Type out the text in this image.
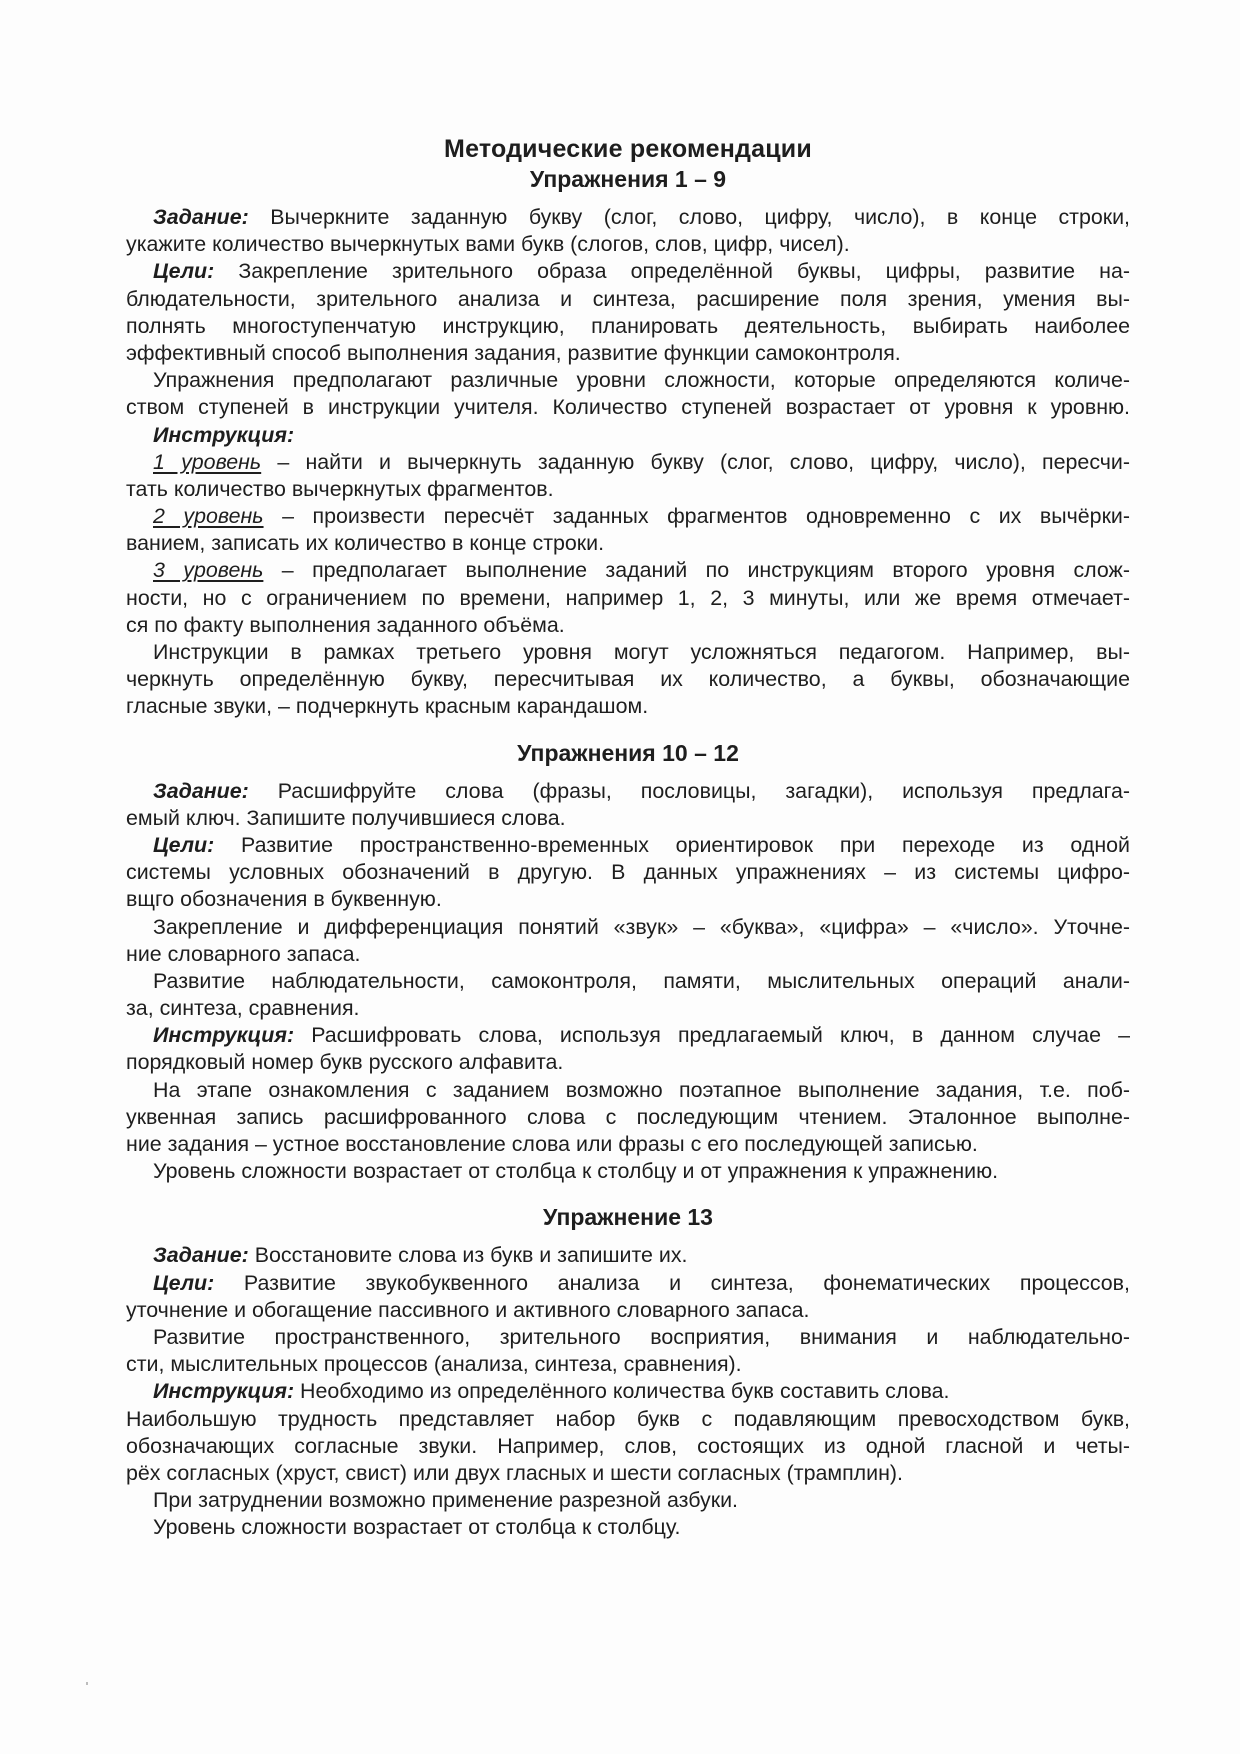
Методические рекомендации
Упражнения 1 – 9
Задание: Вычеркните заданную букву (слог, слово, цифру, число), в конце строки,
укажите количество вычеркнутых вами букв (слогов, слов, цифр, чисел).
Цели: Закрепление зрительного образа определённой буквы, цифры, развитие на-
блюдательности, зрительного анализа и синтеза, расширение поля зрения, умения вы-
полнять многоступенчатую инструкцию, планировать деятельность, выбирать наиболее
эффективный способ выполнения задания, развитие функции самоконтроля.
Упражнения предполагают различные уровни сложности, которые определяются количе-
ством ступеней в инструкции учителя. Количество ступеней возрастает от уровня к уровню.
Инструкция:
1 уровень – найти и вычеркнуть заданную букву (слог, слово, цифру, число), пересчи-
тать количество вычеркнутых фрагментов.
2 уровень – произвести пересчёт заданных фрагментов одновременно с их вычёрки-
ванием, записать их количество в конце строки.
3 уровень – предполагает выполнение заданий по инструкциям второго уровня слож-
ности, но с ограничением по времени, например 1, 2, 3 минуты, или же время отмечает-
ся по факту выполнения заданного объёма.
Инструкции в рамках третьего уровня могут усложняться педагогом. Например, вы-
черкнуть определённую букву, пересчитывая их количество, а буквы, обозначающие
гласные звуки, – подчеркнуть красным карандашом.
Упражнения 10 – 12
Задание: Расшифруйте слова (фразы, пословицы, загадки), используя предлага-
емый ключ. Запишите получившиеся слова.
Цели: Развитие пространственно-временных ориентировок при переходе из одной
системы условных обозначений в другую. В данных упражнениях – из системы цифро-
вщго обозначения в буквенную.
Закрепление и дифференциация понятий «звук» – «буква», «цифра» – «число». Уточне-
ние словарного запаса.
Развитие наблюдательности, самоконтроля, памяти, мыслительных операций анали-
за, синтеза, сравнения.
Инструкция: Расшифровать слова, используя предлагаемый ключ, в данном случае –
порядковый номер букв русского алфавита.
На этапе ознакомления с заданием возможно поэтапное выполнение задания, т.е. поб-
уквенная запись расшифрованного слова с последующим чтением. Эталонное выполне-
ние задания – устное восстановление слова или фразы с его последующей записью.
Уровень сложности возрастает от столбца к столбцу и от упражнения к упражнению.
Упражнение 13
Задание: Восстановите слова из букв и запишите их.
Цели: Развитие звукобуквенного анализа и синтеза, фонематических процессов,
уточнение и обогащение пассивного и активного словарного запаса.
Развитие пространственного, зрительного восприятия, внимания и наблюдательно-
сти, мыслительных процессов (анализа, синтеза, сравнения).
Инструкция: Необходимо из определённого количества букв составить слова.
Наибольшую трудность представляет набор букв с подавляющим превосходством букв,
обозначающих согласные звуки. Например, слов, состоящих из одной гласной и четы-
рёх согласных (хруст, свист) или двух гласных и шести согласных (трамплин).
При затруднении возможно применение разрезной азбуки.
Уровень сложности возрастает от столбца к столбцу.
